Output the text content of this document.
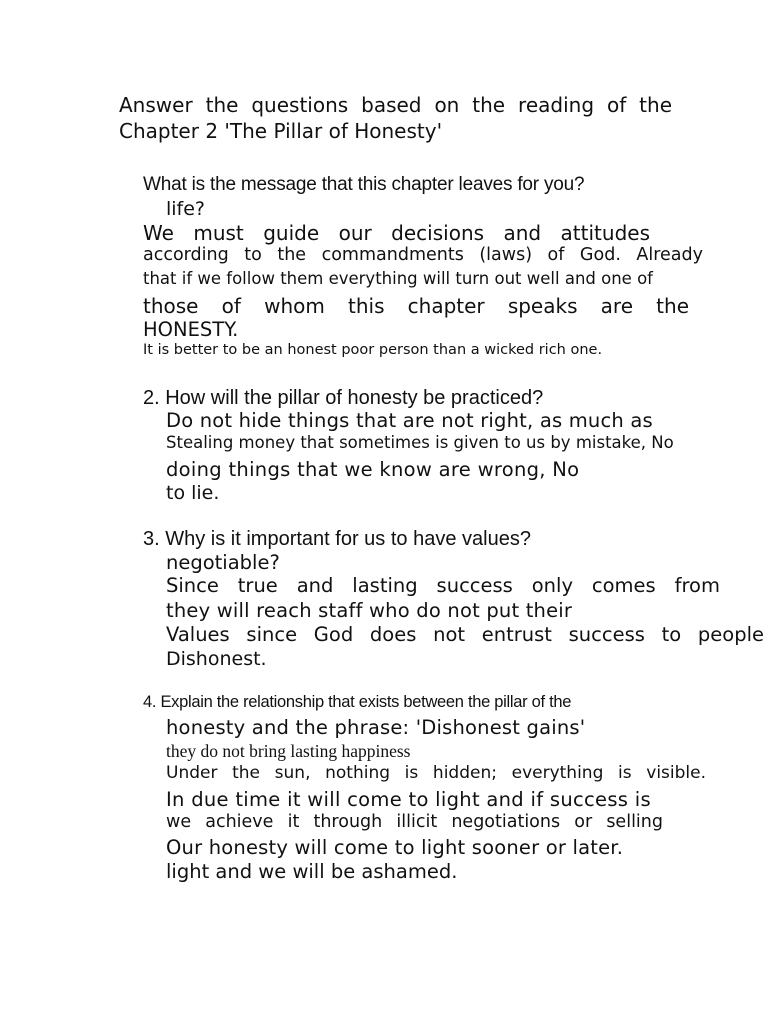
Answer the questions based on the reading of the
Chapter 2 'The Pillar of Honesty'
What is the message that this chapter leaves for you?
life?
We must guide our decisions and attitudes
according to the commandments (laws) of God. Already
that if we follow them everything will turn out well and one of
those of whom this chapter speaks are the
HONESTY.
It is better to be an honest poor person than a wicked rich one.
2. How will the pillar of honesty be practiced?
Do not hide things that are not right, as much as
Stealing money that sometimes is given to us by mistake, No
doing things that we know are wrong, No
to lie.
3. Why is it important for us to have values?
negotiable?
Since true and lasting success only comes from
they will reach staff who do not put their
Values since God does not entrust success to people
Dishonest.
4. Explain the relationship that exists between the pillar of the
honesty and the phrase: 'Dishonest gains'
they do not bring lasting happiness
Under the sun, nothing is hidden; everything is visible.
In due time it will come to light and if success is
we achieve it through illicit negotiations or selling
Our honesty will come to light sooner or later.
light and we will be ashamed.
